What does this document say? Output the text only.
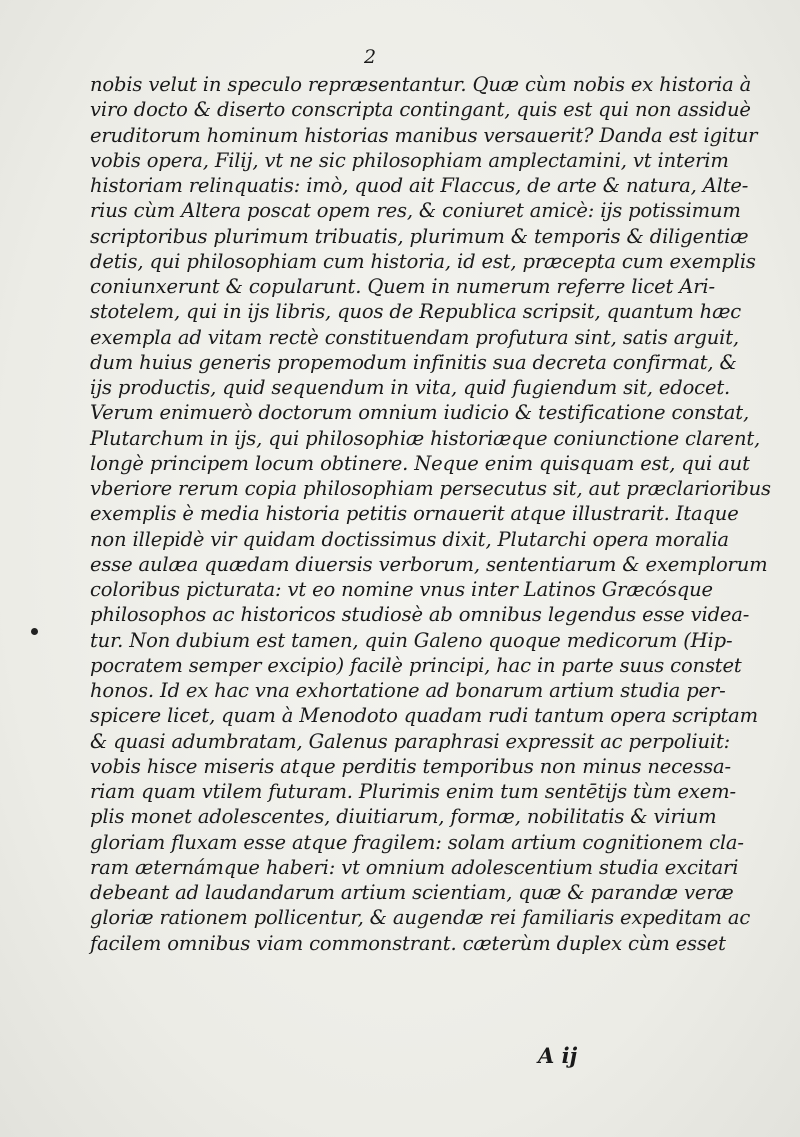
2
nobis velut in speculo repræsentantur. Quæ cùm nobis ex historia à
viro docto & diserto conscripta contingant, quis est qui non assiduè
eruditorum hominum historias manibus versauerit? Danda est igitur
vobis opera, Filij, vt ne sic philosophiam amplectamini, vt interim
historiam relinquatis: imò, quod ait Flaccus, de arte & natura, Alte-
rius cùm Altera poscat opem res, & coniuret amicè: ijs potissimum
scriptoribus plurimum tribuatis, plurimum & temporis & diligentiæ
detis, qui philosophiam cum historia, id est, præcepta cum exemplis
coniunxerunt & copularunt. Quem in numerum referre licet Ari-
stotelem, qui in ijs libris, quos de Republica scripsit, quantum hæc
exempla ad vitam rectè constituendam profutura sint, satis arguit,
dum huius generis propemodum infinitis sua decreta confirmat, &
ijs productis, quid sequendum in vita, quid fugiendum sit, edocet.
Verum enimuerò doctorum omnium iudicio & testificatione constat,
Plutarchum in ijs, qui philosophiæ historiæque coniunctione clarent,
longè principem locum obtinere. Neque enim quisquam est, qui aut
vberiore rerum copia philosophiam persecutus sit, aut præclarioribus
exemplis è media historia petitis ornauerit atque illustrarit. Itaque
non illepidè vir quidam doctissimus dixit, Plutarchi opera moralia
esse aulæa quædam diuersis verborum, sententiarum & exemplorum
coloribus picturata: vt eo nomine vnus inter Latinos Græcósque
philosophos ac historicos studiosè ab omnibus legendus esse videa-
tur. Non dubium est tamen, quin Galeno quoque medicorum (Hip-
pocratem semper excipio) facilè principi, hac in parte suus constet
honos. Id ex hac vna exhortatione ad bonarum artium studia per-
spicere licet, quam à Menodoto quadam rudi tantum opera scriptam
& quasi adumbratam, Galenus paraphrasi expressit ac perpoliuit:
vobis hisce miseris atque perditis temporibus non minus necessa-
riam quam vtilem futuram. Plurimis enim tum sentētijs tùm exem-
plis monet adolescentes, diuitiarum, formæ, nobilitatis & virium
gloriam fluxam esse atque fragilem: solam artium cognitionem cla-
ram æternámque haberi: vt omnium adolescentium studia excitari
debeant ad laudandarum artium scientiam, quæ & parandæ veræ
gloriæ rationem pollicentur, & augendæ rei familiaris expeditam ac
facilem omnibus viam commonstrant. cæterùm duplex cùm esset
A ij
